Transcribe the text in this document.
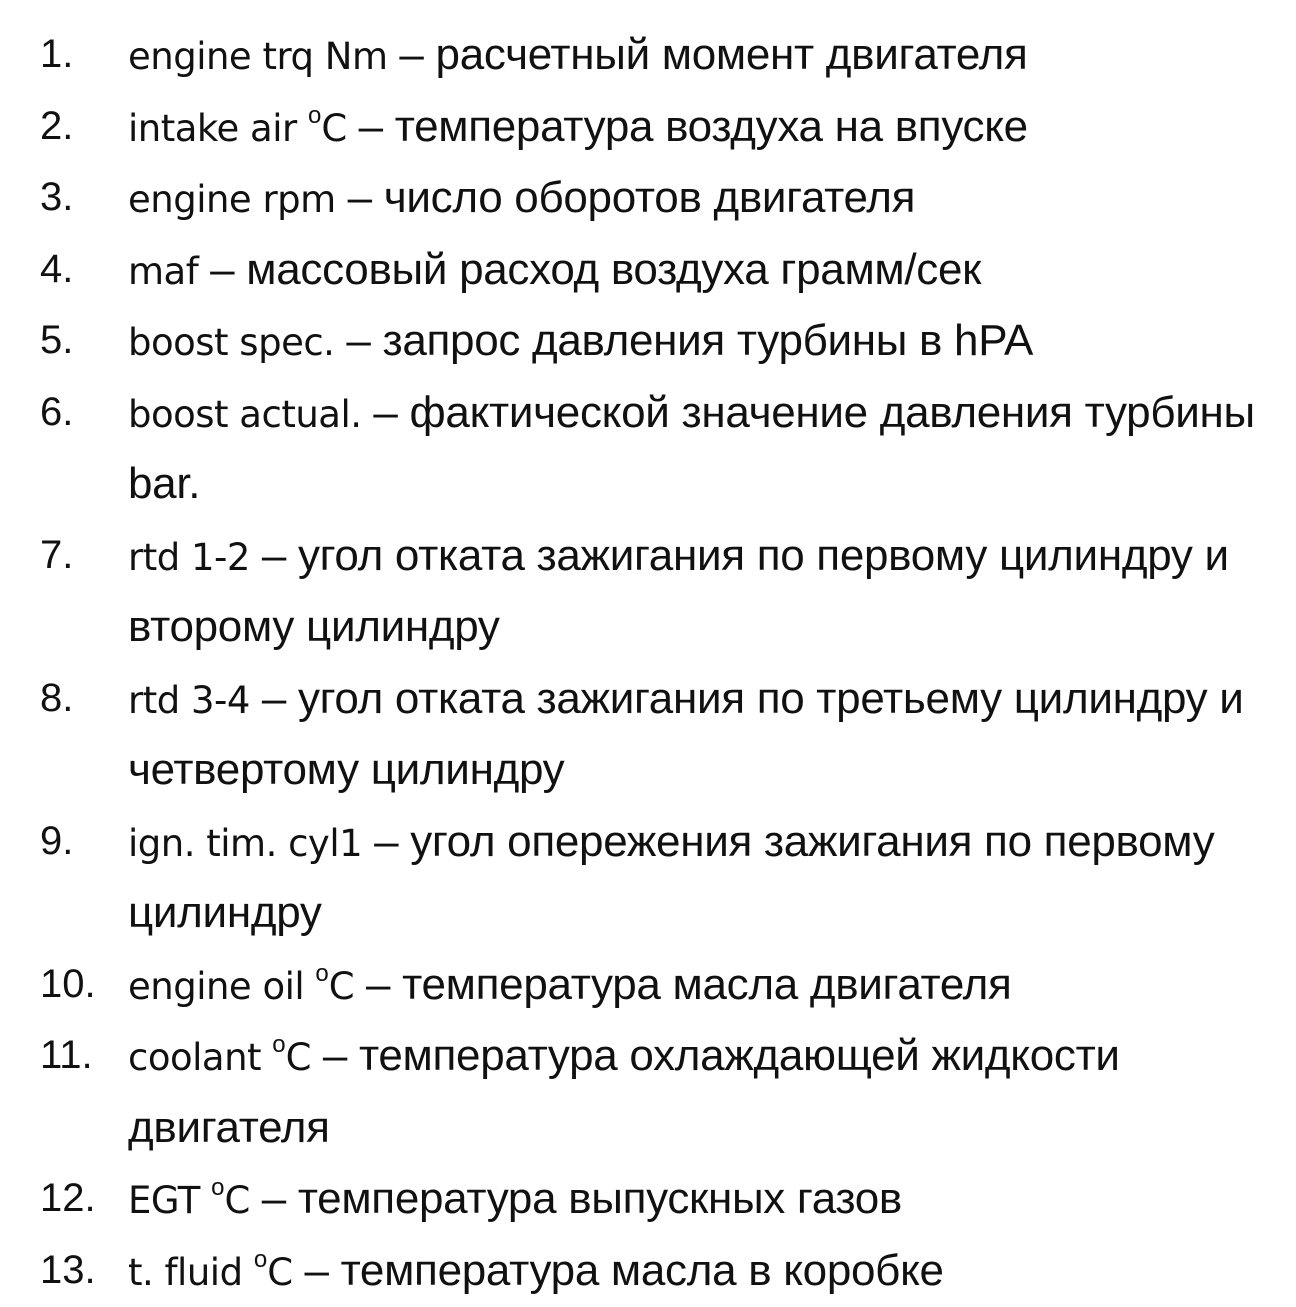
1.	engine trq Nm – расчетный момент двигателя
2.	intake air $^o$C – температура воздуха на впуске
3.	engine rpm – число оборотов двигателя
4.	maf – массовый расход воздуха грамм/сек
5.	boost spec. – запрос давления турбины в hPA
6.	boost actual. – фактической значение давления турбины bar.
7.	rtd 1-2 – угол отката зажигания по первому цилиндру и второму цилиндру
8.	rtd 3-4 – угол отката зажигания по третьему цилиндру и четвертому цилиндру
9.	ign. tim. cyl1 – угол опережения зажигания по первому цилиндру
10. engine oil $^o$C – температура масла двигателя
11. coolant $^o$C – температура охлаждающей жидкости двигателя
12. EGT $^o$C – температура выпускных газов
13. t. fluid $^o$C – температура масла в коробке
